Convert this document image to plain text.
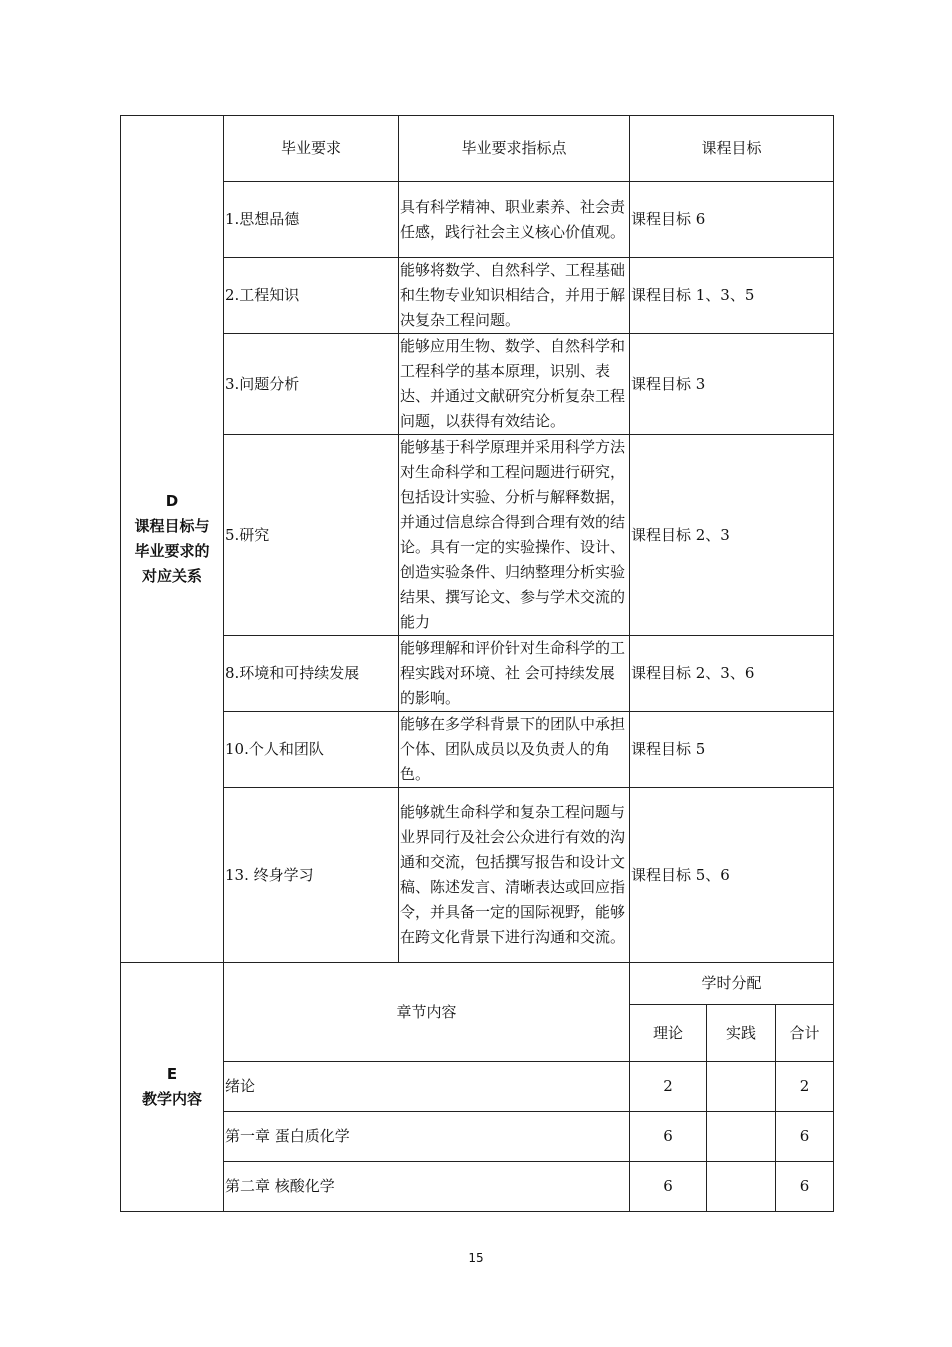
D
课程目标与
毕业要求的
对应关系	毕业要求	毕业要求指标点	课程目标		
	1.思想品德	具有科学精神、职业素养、社会责任感，践行社会主义核心价值观。	课程目标 6		
	2.工程知识	能够将数学、自然科学、工程基础和生物专业知识相结合，并用于解决复杂工程问题。	课程目标 1、3、5		
	3.问题分析	能够应用生物、数学、自然科学和工程科学的基本原理，识别、表达、并通过文献研究分析复杂工程问题，以获得有效结论。	课程目标 3		
	5.研究	能够基于科学原理并采用科学方法对生命科学和工程问题进行研究，包括设计实验、分析与解释数据，并通过信息综合得到合理有效的结论。具有一定的实验操作、设计、创造实验条件、归纳整理分析实验结果、撰写论文、参与学术交流的能力	课程目标 2、3		
	8.环境和可持续发展	能够理解和评价针对生命科学的工程实践对环境、社 会可持续发展的影响。	课程目标 2、3、6		
	10.个人和团队	能够在多学科背景下的团队中承担个体、团队成员以及负责人的角色。	课程目标 5		
	13. 终身学习	能够就生命科学和复杂工程问题与业界同行及社会公众进行有效的沟通和交流，包括撰写报告和设计文稿、陈述发言、清晰表达或回应指令，并具备一定的国际视野，能够在跨文化背景下进行沟通和交流。	课程目标 5、6		

E
教学内容	章节内容		学时分配		
			理论	实践	合计
	绪论		2		2
	第一章 蛋白质化学		6		6
	第二章 核酸化学		6		6
15
